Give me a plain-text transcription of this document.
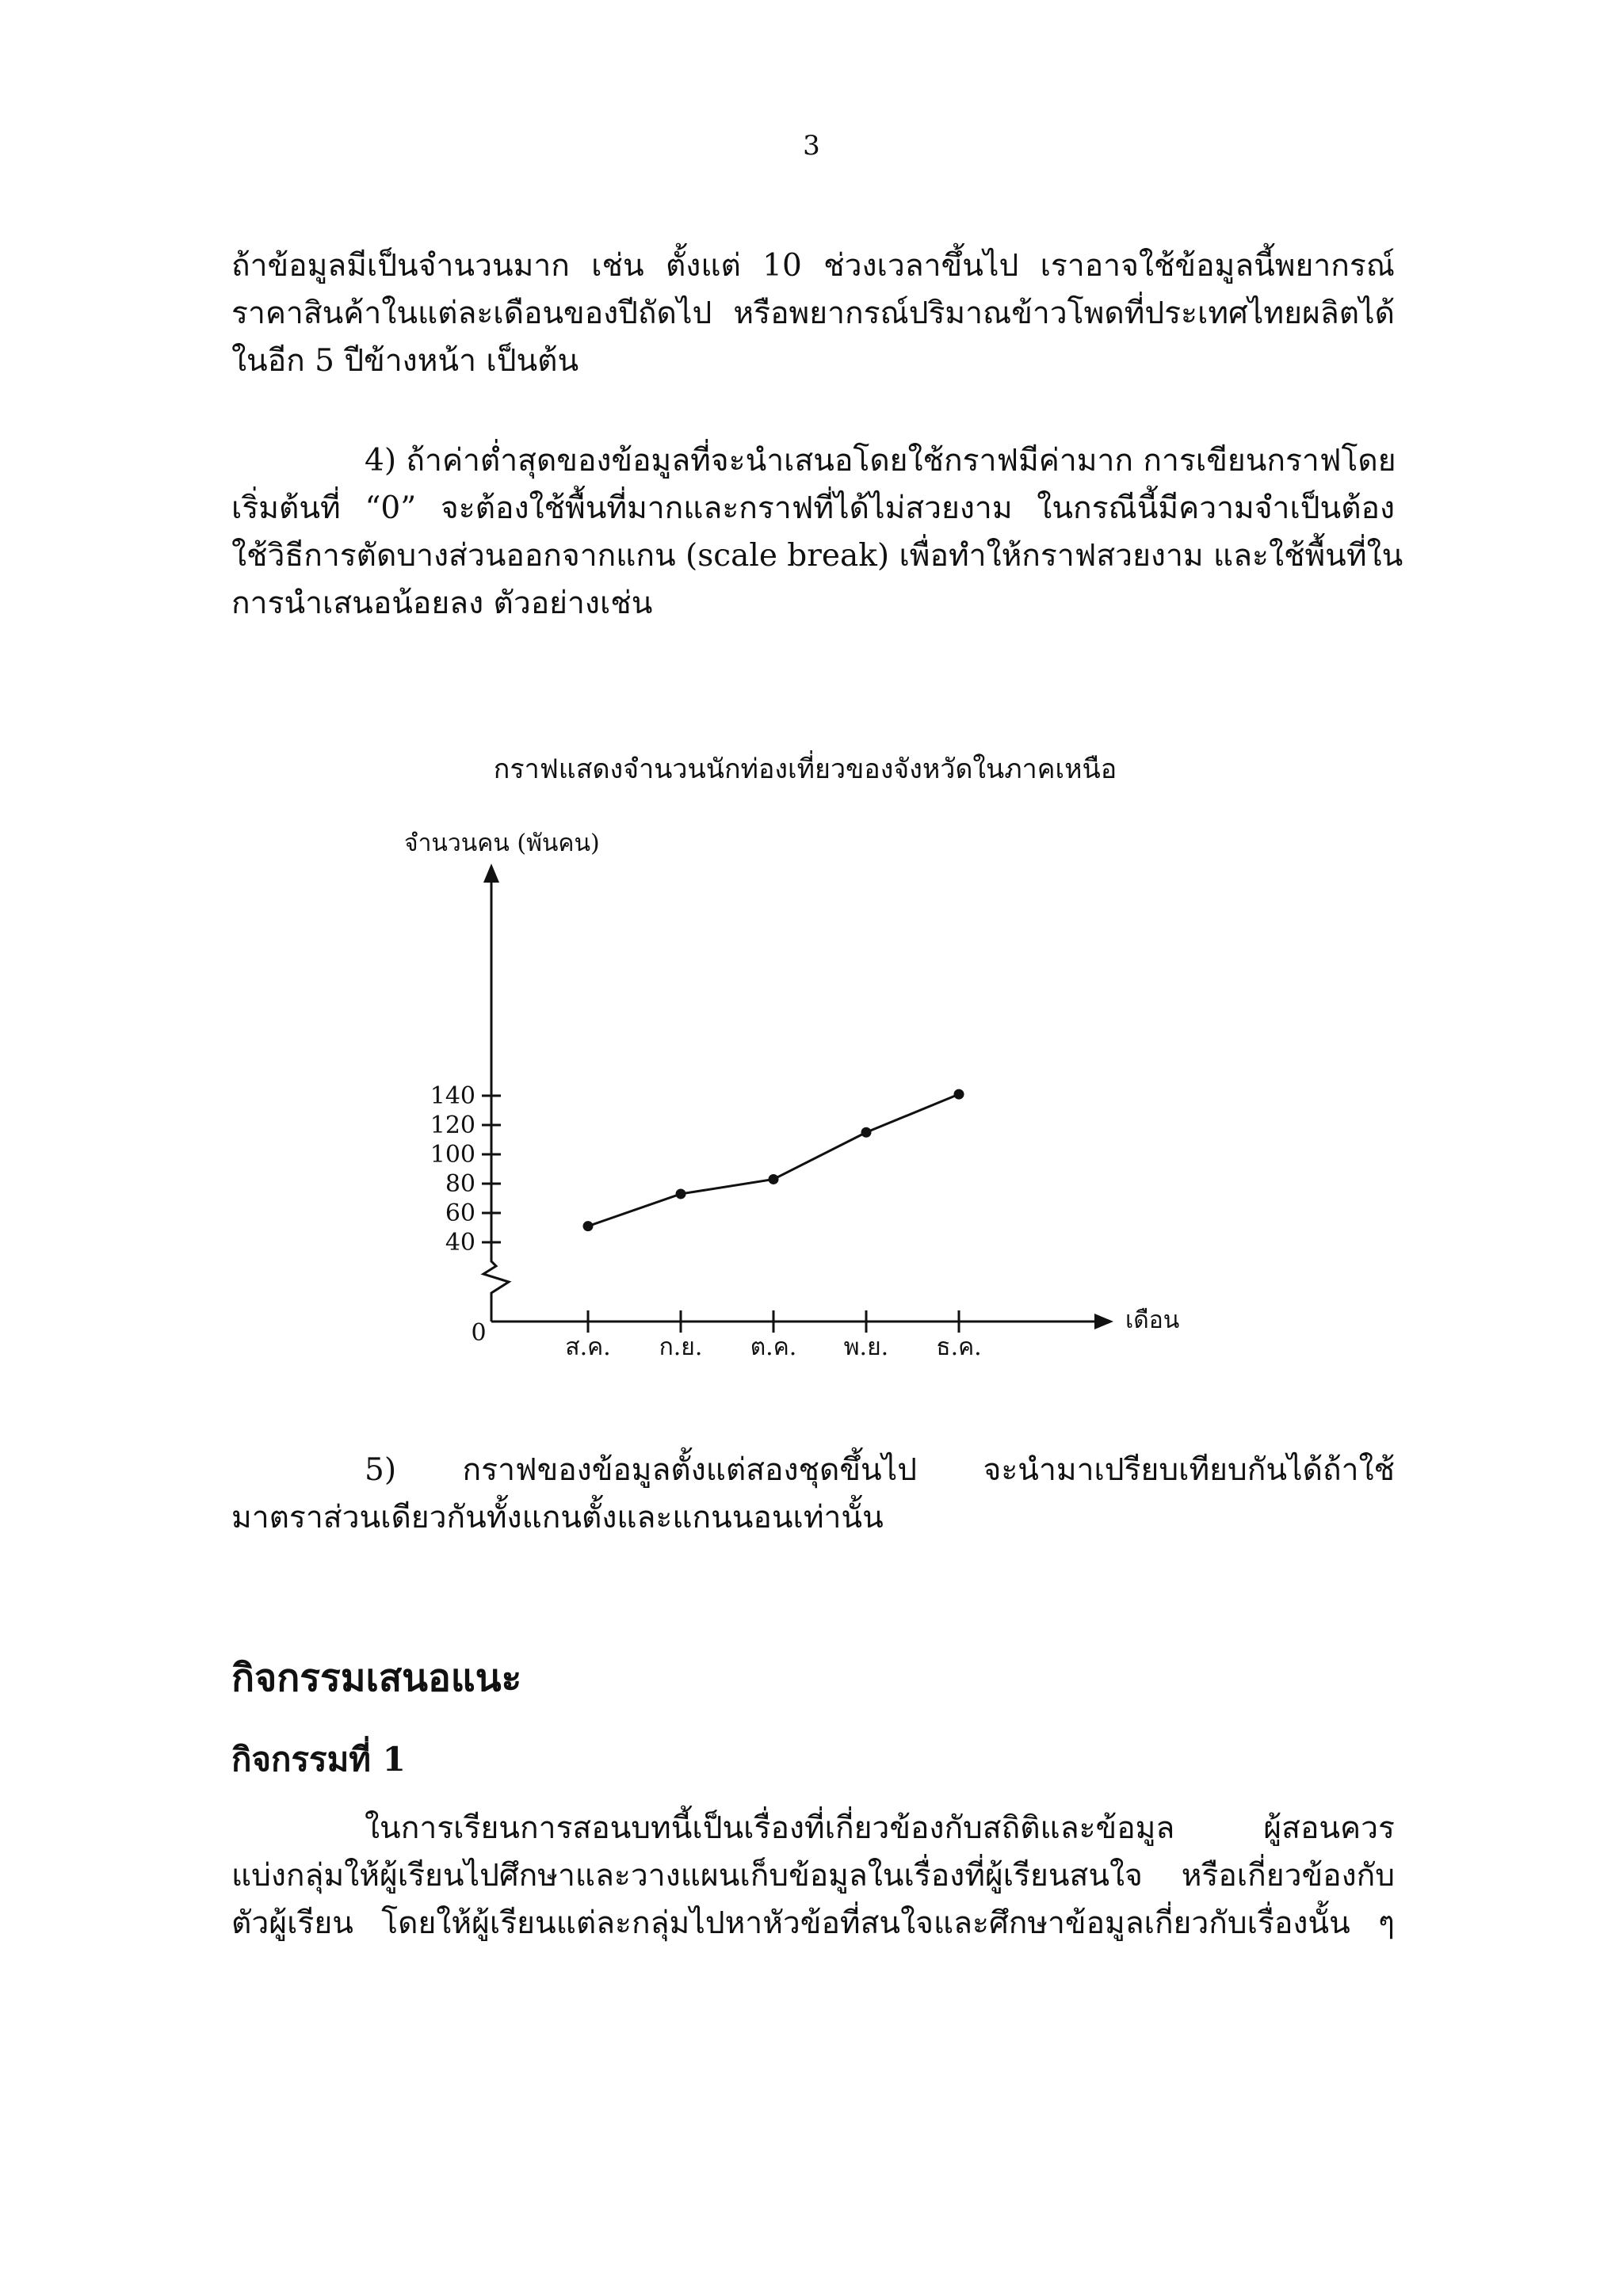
3
ถ้าข้อมูลมีเป็นจำนวนมาก เช่น ตั้งแต่ 10 ช่วงเวลาขึ้นไป เราอาจใช้ข้อมูลนี้พยากรณ์
ราคาสินค้าในแต่ละเดือนของปีถัดไป หรือพยากรณ์ปริมาณข้าวโพดที่ประเทศไทยผลิตได้
ในอีก 5 ปีข้างหน้า เป็นต้น
4) ถ้าค่าต่ำสุดของข้อมูลที่จะนำเสนอโดยใช้กราฟมีค่ามาก การเขียนกราฟโดย
เริ่มต้นที่ “0” จะต้องใช้พื้นที่มากและกราฟที่ได้ไม่สวยงาม ในกรณีนี้มีความจำเป็นต้อง
ใช้วิธีการตัดบางส่วนออกจากแกน (scale break) เพื่อทำให้กราฟสวยงาม และใช้พื้นที่ใน
การนำเสนอน้อยลง ตัวอย่างเช่น
กราฟแสดงจำนวนนักท่องเที่ยวของจังหวัดในภาคเหนือ
จำนวนคน (พันคน)
เดือน
0
40
60
80
100
120
140
ส.ค. ก.ย. ต.ค. พ.ย. ธ.ค.
5) กราฟของข้อมูลตั้งแต่สองชุดขึ้นไป จะนำมาเปรียบเทียบกันได้ถ้าใช้
มาตราส่วนเดียวกันทั้งแกนตั้งและแกนนอนเท่านั้น
กิจกรรมเสนอแนะ
กิจกรรมที่ 1
ในการเรียนการสอนบทนี้เป็นเรื่องที่เกี่ยวข้องกับสถิติและข้อมูล ผู้สอนควร
แบ่งกลุ่มให้ผู้เรียนไปศึกษาและวางแผนเก็บข้อมูลในเรื่องที่ผู้เรียนสนใจ หรือเกี่ยวข้องกับ
ตัวผู้เรียน โดยให้ผู้เรียนแต่ละกลุ่มไปหาหัวข้อที่สนใจและศึกษาข้อมูลเกี่ยวกับเรื่องนั้น ๆ
